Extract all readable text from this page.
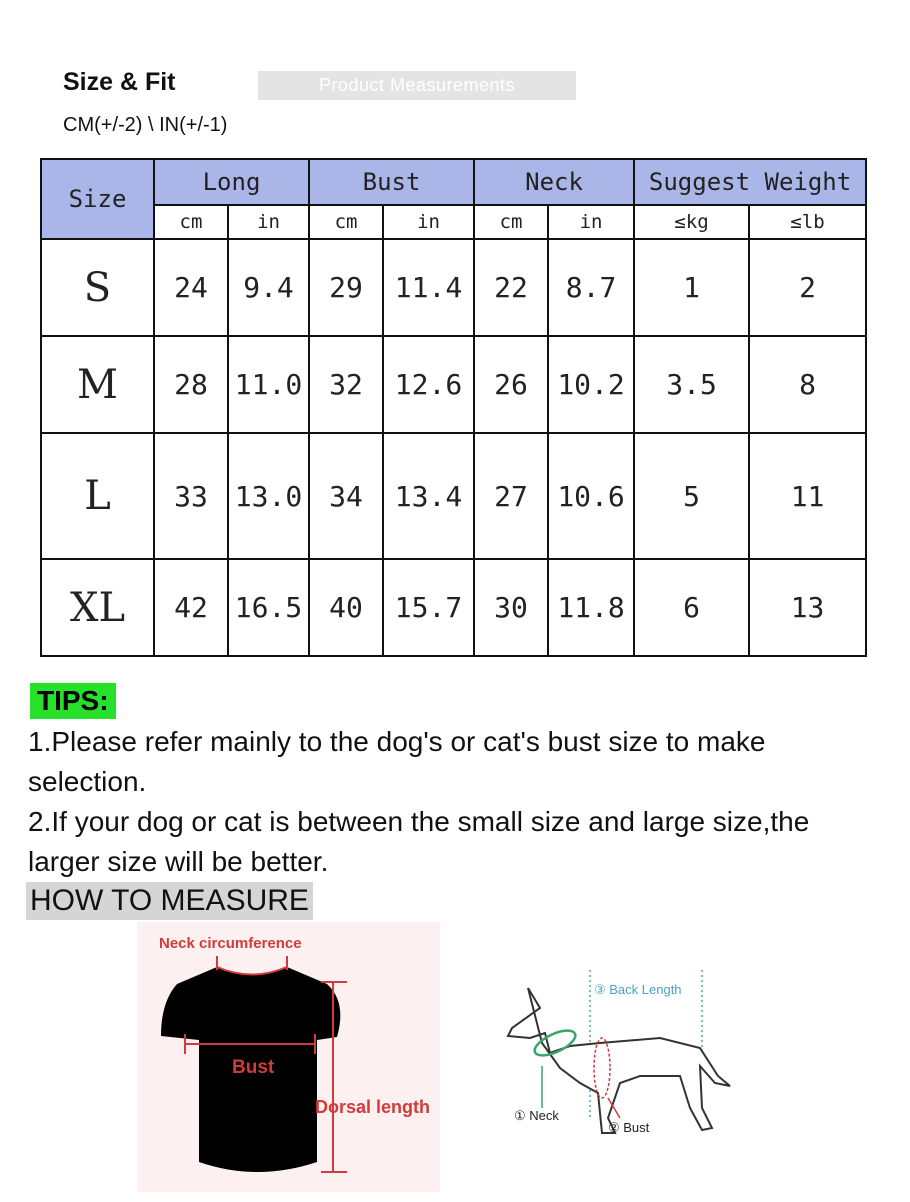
Size & Fit	Product Measurements
CM(+/-2) \ IN(+/-1)
Size	Long		Bust		Neck		Suggest Weight	
	cm	in	cm	in	cm	in	≤kg	≤lb
S	24	9.4	29	11.4	22	8.7	1	2
M	28	11.0	32	12.6	26	10.2	3.5	8
L	33	13.0	34	13.4	27	10.6	5	11
XL	42	16.5	40	15.7	30	11.8	6	13
TIPS:
1.Please refer mainly to the dog's or cat's bust size to make selection.
2.If your dog or cat is between the small size and large size,the larger size will be better.
HOW TO MEASURE
Neck circumference
Bust
Dorsal length
③ Back Length
① Neck
② Bust
